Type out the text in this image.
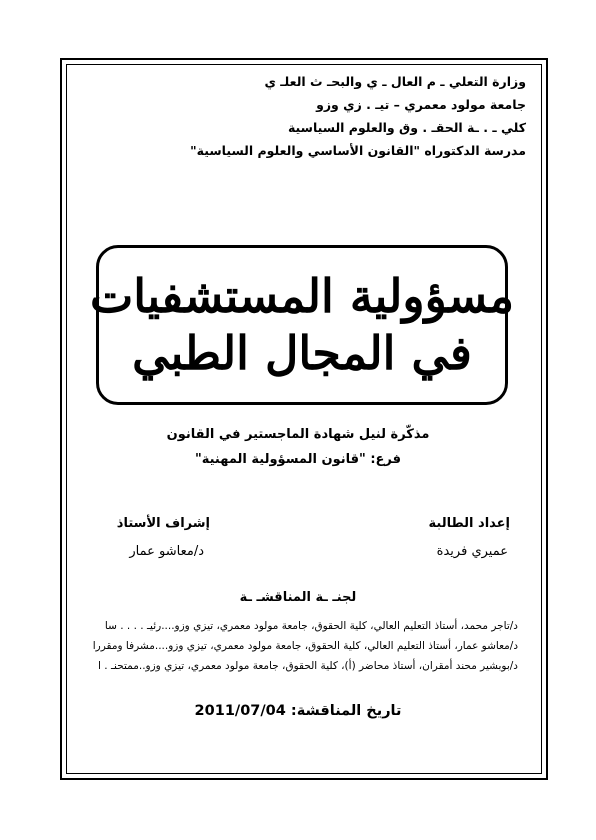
وزارة التعلي ـ م العال ـ ي والبحـ ث العلـ ي
جامعة مولود معمري – تيـ . زي وزو
كلي ـ . ـة الحقـ . وق والعلوم السياسية
مدرسة الدكتوراه "القانون الأساسي والعلوم السياسية"
مسؤولية المستشفيات
في المجال الطبي
مذكّرة لنيل شهادة الماجستير في القانون
فرع: "قانون المسؤولية المهنية"
إعداد الطالبة
عميري فريدة
إشراف الأستاذ
د/معاشو عمار
لجنـ ـة المناقشـ ـة
د/تاجر محمد، أستاذ التعليم العالي، كلية الحقوق، جامعة مولود معمري، تيزي وزو....رئيـ . . . . سا
د/معاشو عمار، أستاذ التعليم العالي، كلية الحقوق، جامعة مولود معمري، تيزي وزو....مشرفا ومقررا
د/بوبشير محند أمقران، أستاذ محاضر (أ)، كلية الحقوق، جامعة مولود معمري، تيزي وزو..ممتحنـ . ا
تاريخ المناقشة: 2011/07/04
